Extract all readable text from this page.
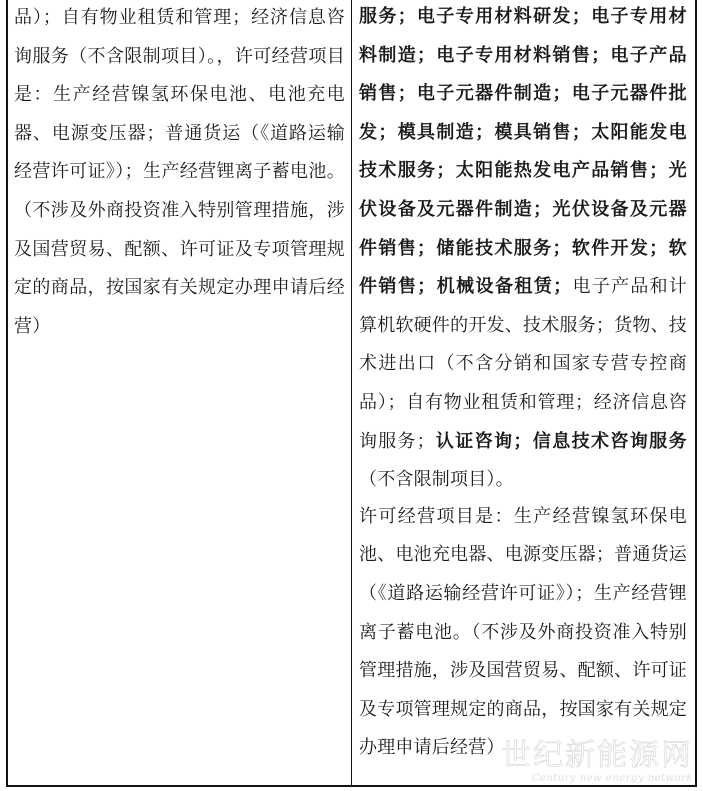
品）；自有物业租赁和管理；经济信息咨询服务（不含限制项目）。，许可经营项目是：生产经营镍氢环保电池、电池充电器、电源变压器；普通货运（《道路运输经营许可证》）；生产经营锂离子蓄电池。（不涉及外商投资准入特别管理措施，涉及国营贸易、配额、许可证及专项管理规定的商品，按国家有关规定办理申请后经营）

服务；电子专用材料研发；电子专用材料制造；电子专用材料销售；电子产品销售；电子元器件制造；电子元器件批发；模具制造；模具销售；太阳能发电技术服务；太阳能热发电产品销售；光伏设备及元器件制造；光伏设备及元器件销售；储能技术服务；软件开发；软件销售；机械设备租赁；电子产品和计算机软硬件的开发、技术服务；货物、技术进出口（不含分销和国家专营专控商品）；自有物业租赁和管理；经济信息咨询服务；认证咨询；信息技术咨询服务（不含限制项目）。

许可经营项目是：生产经营镍氢环保电池、电池充电器、电源变压器；普通货运（《道路运输经营许可证》）；生产经营锂离子蓄电池。（不涉及外商投资准入特别管理措施，涉及国营贸易、配额、许可证及专项管理规定的商品，按国家有关规定办理申请后经营）

世纪新能源网
Century new energy network
